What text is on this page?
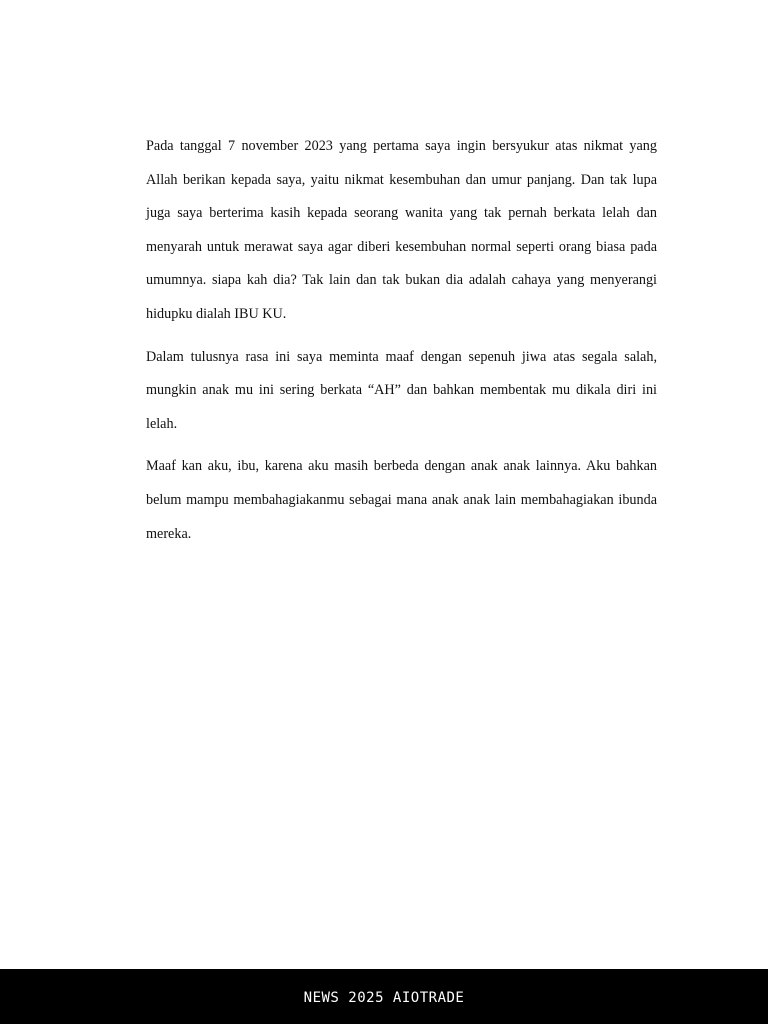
Pada tanggal 7 november 2023 yang pertama saya ingin bersyukur atas nikmat yang Allah berikan kepada saya, yaitu nikmat kesembuhan dan umur panjang. Dan tak lupa juga saya berterima kasih kepada seorang wanita yang tak pernah berkata lelah dan menyarah untuk merawat saya agar diberi kesembuhan normal seperti orang biasa pada umumnya. siapa kah dia? Tak lain dan tak bukan dia adalah cahaya yang menyerangi hidupku dialah IBU KU.

Dalam tulusnya rasa ini saya meminta maaf dengan sepenuh jiwa atas segala salah, mungkin anak mu ini sering berkata “AH” dan bahkan membentak mu dikala diri ini lelah.

Maaf kan aku, ibu, karena aku masih berbeda dengan anak anak lainnya. Aku bahkan belum mampu membahagiakanmu sebagai mana anak anak lain membahagiakan ibunda mereka.

NEWS 2025 AIOTRADE
